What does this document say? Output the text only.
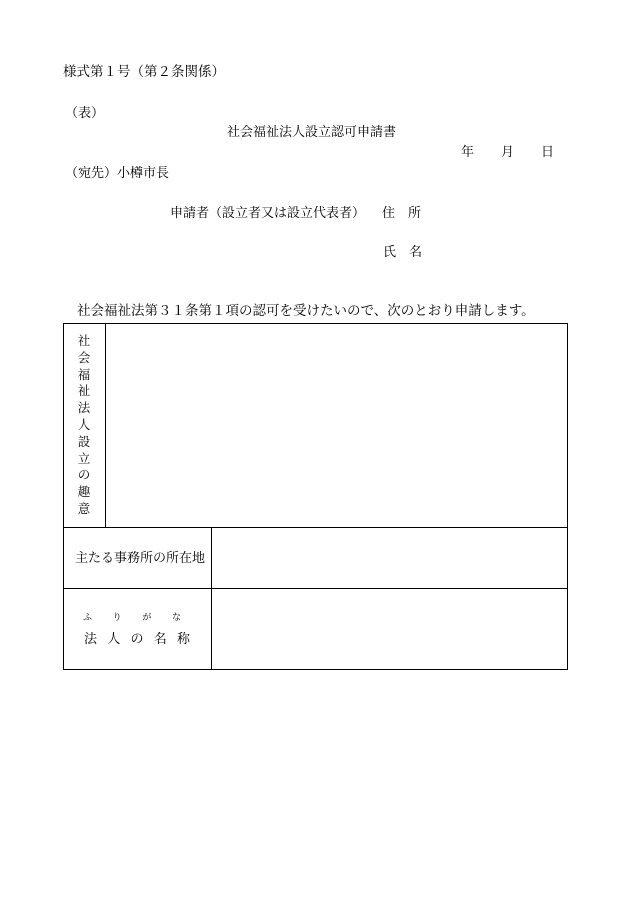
様式第１号（第２条関係）
（表）
社会福祉法人設立認可申請書
年 月 日
（宛先）小樽市長
申請者（設立者又は設立代表者） 住　所
氏　名
社会福祉法第３１条第１項の認可を受けたいので、次のとおり申請します。
社
会
福
祉
法
人
設
立
の
趣
意
主たる事務所の所在地
ふ り が な
法 人 の 名 称
